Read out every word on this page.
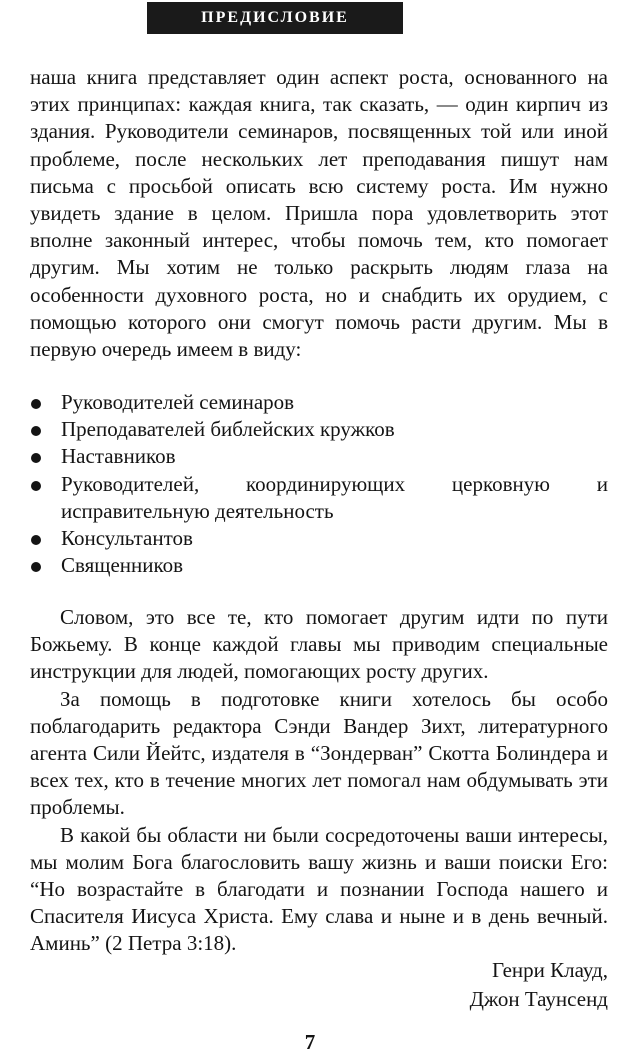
ПРЕДИСЛОВИЕ

наша книга представляет один аспект роста, основанного на этих принципах: каждая книга, так сказать, — один кирпич из здания. Руководители семинаров, посвященных той или иной проблеме, после нескольких лет преподавания пишут нам письма с просьбой описать всю систему роста. Им нужно увидеть здание в целом. Пришла пора удовлетворить этот вполне законный интерес, чтобы помочь тем, кто помогает другим. Мы хотим не только раскрыть людям глаза на особенности духовного роста, но и снабдить их орудием, с помощью которого они смогут помочь расти другим. Мы в первую очередь имеем в виду:

Руководителей семинаров
Преподавателей библейских кружков
Наставников
Руководителей, координирующих церковную и исправительную деятельность
Консультантов
Священников

Словом, это все те, кто помогает другим идти по пути Божьему. В конце каждой главы мы приводим специальные инструкции для людей, помогающих росту других.

За помощь в подготовке книги хотелось бы особо поблагодарить редактора Сэнди Вандер Зихт, литературного агента Сили Йейтс, издателя в “Зондерван” Скотта Болиндера и всех тех, кто в течение многих лет помогал нам обдумывать эти проблемы.

В какой бы области ни были сосредоточены ваши интересы, мы молим Бога благословить вашу жизнь и ваши поиски Его: “Но возрастайте в благодати и познании Господа нашего и Спасителя Иисуса Христа. Ему слава и ныне и в день вечный. Аминь” (2 Петра 3:18).

Генри Клауд,
Джон Таунсенд
7
